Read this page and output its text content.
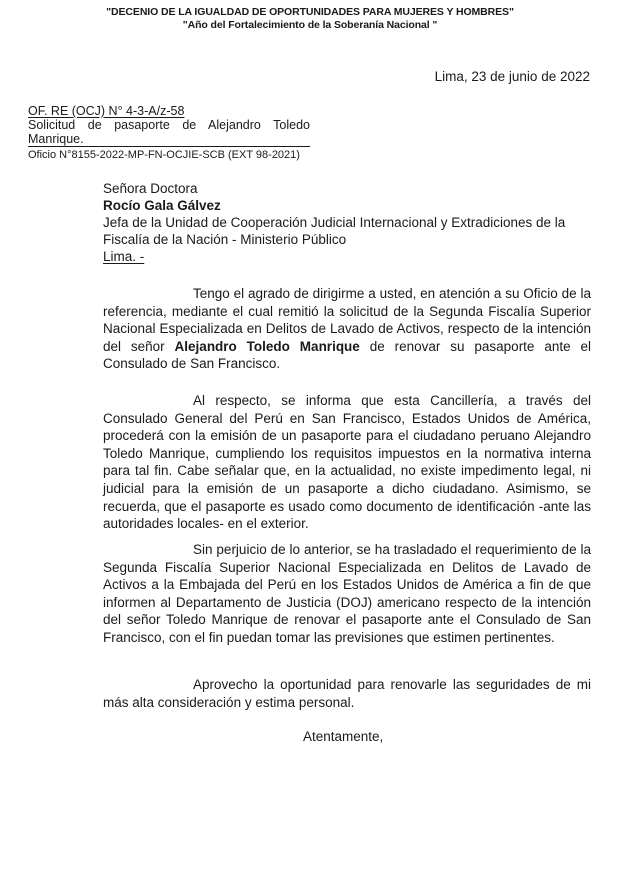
"DECENIO DE LA IGUALDAD DE OPORTUNIDADES PARA MUJERES Y HOMBRES"
"Año del Fortalecimiento de la Soberanía Nacional "
Lima, 23 de junio de 2022
OF. RE (OCJ) N° 4-3-A/z-58
Solicitud de pasaporte de Alejandro Toledo
Manrique.
Oficio N°8155-2022-MP-FN-OCJIE-SCB (EXT 98-2021)
Señora Doctora
Rocío Gala Gálvez
Jefa de la Unidad de Cooperación Judicial Internacional y Extradiciones de la Fiscalía de la Nación - Ministerio Público
Lima. -

Tengo el agrado de dirigirme a usted, en atención a su Oficio de la referencia, mediante el cual remitió la solicitud de la Segunda Fiscalía Superior Nacional Especializada en Delitos de Lavado de Activos, respecto de la intención del señor Alejandro Toledo Manrique de renovar su pasaporte ante el Consulado de San Francisco.

Al respecto, se informa que esta Cancillería, a través del Consulado General del Perú en San Francisco, Estados Unidos de América, procederá con la emisión de un pasaporte para el ciudadano peruano Alejandro Toledo Manrique, cumpliendo los requisitos impuestos en la normativa interna para tal fin. Cabe señalar que, en la actualidad, no existe impedimento legal, ni judicial para la emisión de un pasaporte a dicho ciudadano. Asimismo, se recuerda, que el pasaporte es usado como documento de identificación -ante las autoridades locales- en el exterior.

Sin perjuicio de lo anterior, se ha trasladado el requerimiento de la Segunda Fiscalía Superior Nacional Especializada en Delitos de Lavado de Activos a la Embajada del Perú en los Estados Unidos de América a fin de que informen al Departamento de Justicia (DOJ) americano respecto de la intención del señor Toledo Manrique de renovar el pasaporte ante el Consulado de San Francisco, con el fin puedan tomar las previsiones que estimen pertinentes.

Aprovecho la oportunidad para renovarle las seguridades de mi más alta consideración y estima personal.

Atentamente,
